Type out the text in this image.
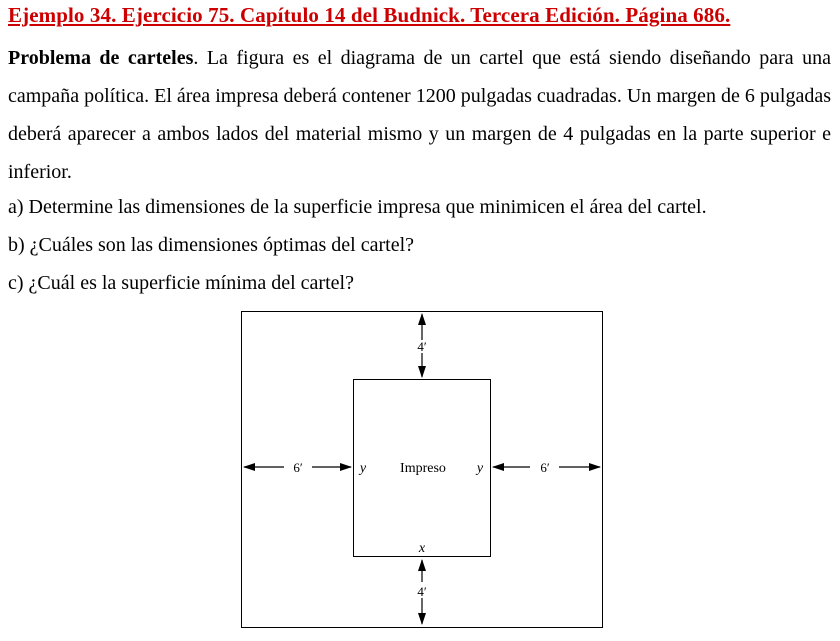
Ejemplo 34. Ejercicio 75. Capítulo 14 del Budnick. Tercera Edición. Página 686.

Problema de carteles. La figura es el diagrama de un cartel que está siendo diseñando para una campaña política. El área impresa deberá contener 1200 pulgadas cuadradas. Un margen de 6 pulgadas deberá aparecer a ambos lados del material mismo y un margen de 4 pulgadas en la parte superior e inferior.

a) Determine las dimensiones de la superficie impresa que minimicen el área del cartel.

b) ¿Cuáles son las dimensiones óptimas del cartel?

c) ¿Cuál es la superficie mínima del cartel?

4′
4′
6′	6′
y Impreso y
x
